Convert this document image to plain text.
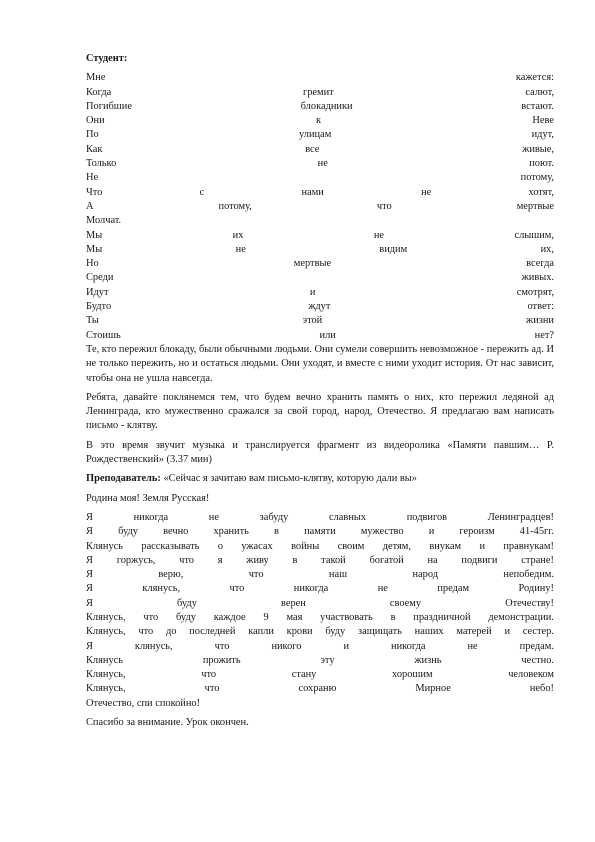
Студент:
Мне	кажется:
Когда	гремит	салют,
Погибшие	блокадники	встают.
Они	к	Неве
По	улицам	идут,
Как	все	живые,
Только	не	поют.
Не	потому,
Что	с	нами	не	хотят,
А	потому,	что	мертвые
Молчат.
Мы	их	не	слышим,
Мы	не	видим	их,
Но	мертвые	всегда
Среди	живых.
Идут	и	смотрят,
Будто	ждут	ответ:
Ты	этой	жизни
Стоишь	или	нет?

Те, кто пережил блокаду, были обычными людьми. Они сумели совершить невозможное - пережить ад. И не только пережить, но и остаться людьми. Они уходят, и вместе с ними уходит история. От нас зависит, чтобы она не ушла навсегда.

Ребята, давайте поклянемся тем, что будем вечно хранить память о них, кто пережил ледяной ад Ленинграда, кто мужественно сражался за свой город, народ, Отечество. Я предлагаю вам написать письмо - клятву.

В это время звучит музыка и транслируется фрагмент из видеоролика «Памяти павшим… Р. Рождественский» (3.37 мин)

Преподаватель: «Сейчас я зачитаю вам письмо-клятву, которую дали вы»

Родина моя! Земля Русская!
Я	никогда	не	забуду	славных	подвигов	Ленинградцев!
Я буду вечно хранить в памяти мужество и героизм 41-45гг.
Клянусь рассказывать о ужасах войны своим детям, внукам и правнукам!
Я горжусь, что я живу в такой богатой на подвиги стране!
Я	верю,	что	наш	народ	непобедим.
Я	клянусь,	что	никогда	не	предам	Родину!
Я	буду	верен	своему	Отечеству!
Клянусь, что буду каждое 9 мая участвовать в праздничной демонстрации.
Клянусь, что до последней капли крови буду защищать наших матерей и сестер.
Я	клянусь,	что	никого	и	никогда	не	предам.
Клянусь	прожить	эту	жизнь	честно.
Клянусь,	что	стану	хорошим	человеком
Клянусь,	что	сохраню	Мирное	небо!
Отечество, спи спокойно!
Спасибо за внимание. Урок окончен.
